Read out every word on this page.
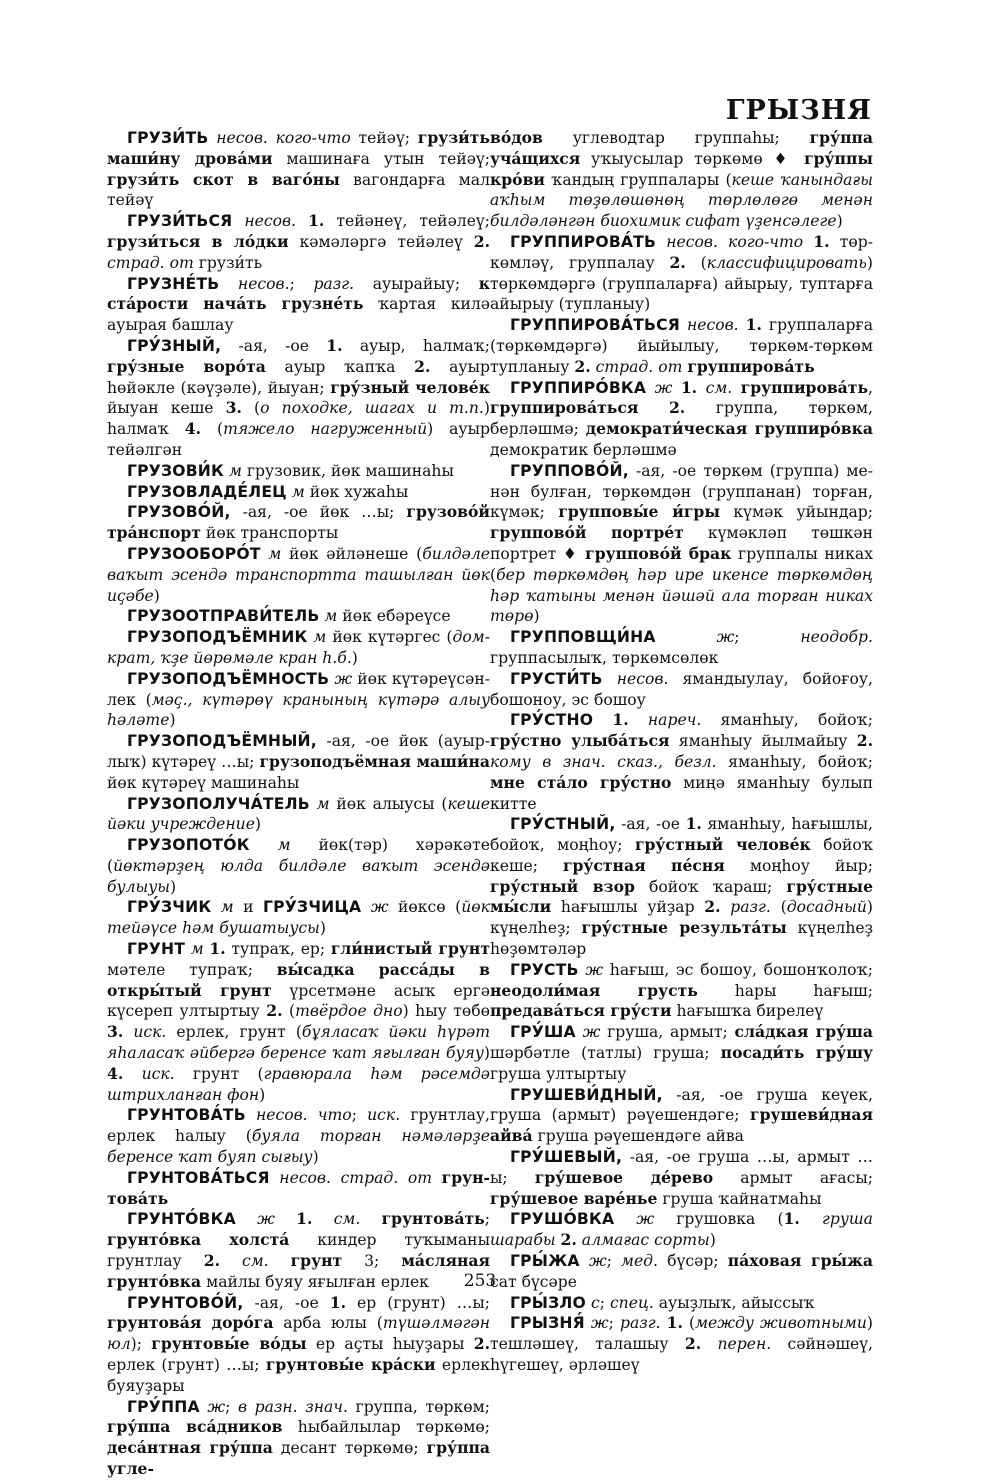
ГРЫЗНЯ

ГРУЗИ́ТЬ несов. кого-что тейәү; грузи́ть маши́ну дрова́ми машинаға утын тейәү; грузи́ть скот в ваго́ны вагондарға мал тейәү

ГРУЗИ́ТЬСЯ несов. 1. тейәнеү, тейәлеү; грузи́ться в ло́дки кәмәләргә тейәлеү 2. страд. от грузи́ть

ГРУЗНЕ́ТЬ несов.; разг. ауырайыу; к ста́рости нача́ть грузне́ть ҡартая килә ауырая башлау

ГРУ́ЗНЫЙ, -ая, -ое 1. ауыр, һалмаҡ; гру́зные воро́та ауыр ҡапҡа 2. ауыр һөйәкле (кәүҙәле), йыуан; гру́зный челове́к йыуан кеше 3. (о походке, шагах и т.п.) һалмаҡ 4. (тяжело нагруженный) ауыр тейәлгән

ГРУЗОВИ́К м грузовик, йөк машинаһы

ГРУЗОВЛАДЕ́ЛЕЦ м йөк хужаһы

ГРУЗОВО́Й, -ая, -ое йөк …ы; грузово́й тра́нспорт йөк транспорты

ГРУЗООБОРО́Т м йөк әйләнеше (билдәле ваҡыт эсендә транспортта ташылған йөк иҫәбе)

ГРУЗООТПРАВИ́ТЕЛЬ м йөк ебәреүсе

ГРУЗОПОДЪЁМНИК м йөк күтәргес (домкрат, ҡҙе йөрөмәле кран һ.б.)

ГРУЗОПОДЪЁМНОСТЬ ж йөк күтәреүсәнлек (мәҫ., күтәрөү кранының күтәрә алыу һәләте)

ГРУЗОПОДЪЁМНЫЙ, -ая, -ое йөк (ауырлыҡ) күтәреү …ы; грузоподъёмная маши́на йөк күтәреү машинаһы

ГРУЗОПОЛУЧА́ТЕЛЬ м йөк алыусы (кеше йәки учреждение)

ГРУЗОПОТО́К м йөк(тәр) хәрәкәте (йөктәрҙең юлда билдәле ваҡыт эсендә булыуы)

ГРУ́ЗЧИК м и ГРУ́ЗЧИЦА ж йөксө (йөк тейәүсе һәм бушатыусы)

ГРУНТ м 1. тупраҡ, ер; гли́нистый грунт мәтеле тупраҡ; вы́садка расса́ды в откры́тый грунт үрсетмәне асыҡ ергә күсереп ултыртыу 2. (твёрдое дно) һыу төбө 3. иск. ерлек, грунт (бұяласаҡ йәки һүрәт яһаласаҡ әйбергә беренсе ҡат яғылған буяу) 4. иск. грунт (гравюрала һәм рәсемдә штрихланған фон)

ГРУНТОВА́ТЬ несов. что; иск. грунтлау, ерлек һалыу (буяла торған нәмәләрҙе беренсе ҡат буяп сығыу)

ГРУНТОВА́ТЬСЯ несов. страд. от грунтова́ть

ГРУНТО́ВКА ж 1. см. грунтова́ть; грунто́вка холста́ киндер туҡыманы грунтлау 2. см. грунт 3; ма́сляная грунто́вка майлы буяу яғылған ерлек

ГРУНТОВО́Й, -ая, -ое 1. ер (грунт) …ы; грунтова́я доро́га арба юлы (түшәлмәгән юл); грунтовы́е во́ды ер аҫты һыуҙары 2. ерлек (грунт) …ы; грунтовы́е кра́ски ерлек буяуҙары

ГРУ́ППА ж; в разн. знач. группа, төркөм; гру́ппа вса́дников һыбайлылар төркөмө; деса́нтная гру́ппа десант төркөмө; гру́ппа угле-

во́дов углеводтар группаһы; гру́ппа уча́щихся уҡыусылар төркөмө ♦ гру́ппы кро́ви ҡандың группалары (кеше ҡанындағы аҡһым төҙөлөшөнөң төрлөлөгө менән билдәләнгән биохимик сифат үҙенсәлеге)

ГРУППИРОВА́ТЬ несов. кого-что 1. төркөмләү, группалау 2. (классифицировать) төркөмдәргә (группаларға) айырыу, туптарға айырыу (тупланыу)

ГРУППИРОВА́ТЬСЯ несов. 1. группаларға (төркөмдәргә) йыйылыу, төркөм-төркөм тупланыу 2. страд. от группирова́ть

ГРУППИРО́ВКА ж 1. см. группирова́ть, группирова́ться 2. группа, төркөм, берләшмә; демократи́ческая группиро́вка демократик берләшмә

ГРУППОВО́Й, -ая, -ое төркөм (группа) менән булған, төркөмдән (группанан) торған, күмәк; групповы́е и́гры күмәк уйындар; группово́й портре́т күмәкләп төшкән портрет ♦ группово́й брак группалы никах (бер төркөмдөң һәр ире икенсе төркөмдөң һәр ҡатыны менән йәшәй ала торған никах төрө)

ГРУППОВЩИ́НА	ж; неодобр. группасылыҡ, төркөмсөлөк

ГРУСТИ́ТЬ несов. ямандыулау, бойоғоу, бошоноу, эс бошоу

ГРУ́СТНО 1. нареч. яманһыу, бойоҡ; гру́стно улыба́ться яманһыу йылмайыу 2. кому в знач. сказ., безл. яманһыу, бойоҡ; мне ста́ло гру́стно миңә яманһыу булып китте

ГРУ́СТНЫЙ, -ая, -ое 1. яманһыу, һағышлы, бойоҡ, моңһоу; гру́стный челове́к бойоҡ кеше; гру́стная пе́сня моңһоу йыр; гру́стный взор бойоҡ ҡараш; гру́стные мы́сли һағышлы уйҙар 2. разг. (досадный) күңелһеҙ; гру́стные результа́ты күңелһеҙ һөҙөмтәләр

ГРУСТЬ ж һағыш, эс бошоу, бошонҡолоҡ; неодоли́мая грусть һары һағыш; предава́ться гру́сти һағышҡа бирелеү

ГРУ́ША ж груша, армыт; сла́дкая гру́ша шәрбәтле (татлы) груша; посади́ть гру́шу груша ултыртыу

ГРУШЕВИ́ДНЫЙ, -ая, -ое груша кеүек, груша (армыт) рәүешендәге; грушеви́дная айва́ груша рәүешендәге айва

ГРУ́ШЕВЫЙ, -ая, -ое груша …ы, армыт …ы; гру́шевое де́рево армыт ағасы; гру́шевое варе́нье груша ҡайнатмаһы

ГРУШО́ВКА ж грушовка (1. груша шарабы 2. алмағас сорты)

ГРЫ́ЖА ж; мед. бүсәр; па́ховая гры́жа сат бүсәре

ГРЫ́ЗЛО с; спец. ауыҙлыҡ, айыссыҡ

ГРЫЗНЯ́ ж; разг. 1. (между животными) тешләшеү, талашыу 2. перен. сәйнәшеү, һүгешеү, әрләшеү

253
